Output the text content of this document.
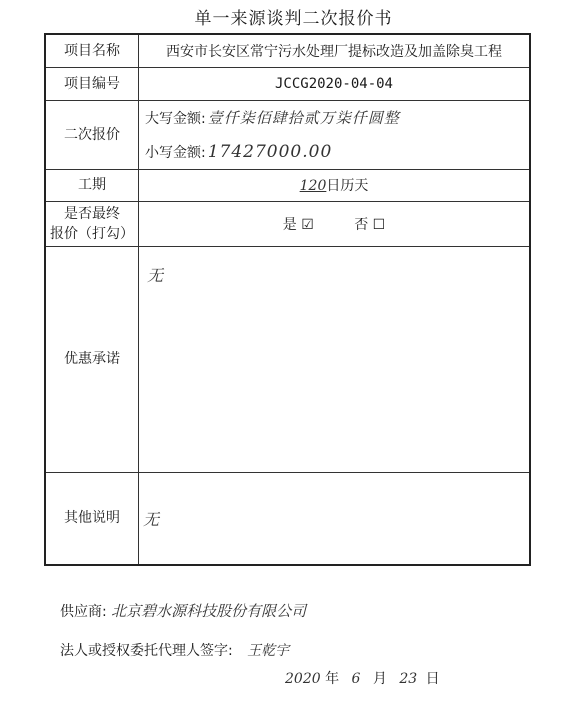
单一来源谈判二次报价书
项目名称	西安市长安区常宁污水处理厂提标改造及加盖除臭工程
项目编号	JCCG2020-04-04
二次报价	大写金额: 壹仟柒佰肆拾贰万柒仟圆整
小写金额: 17427000.00

工期	120日历天

是否最终
报价（打勾）	是 ☑ 否 ☐
优惠承诺	无

其他说明	无
供应商: 北京碧水源科技股份有限公司
法人或授权委托代理人签字: 王乾宇
2020 年 6 月 23 日
